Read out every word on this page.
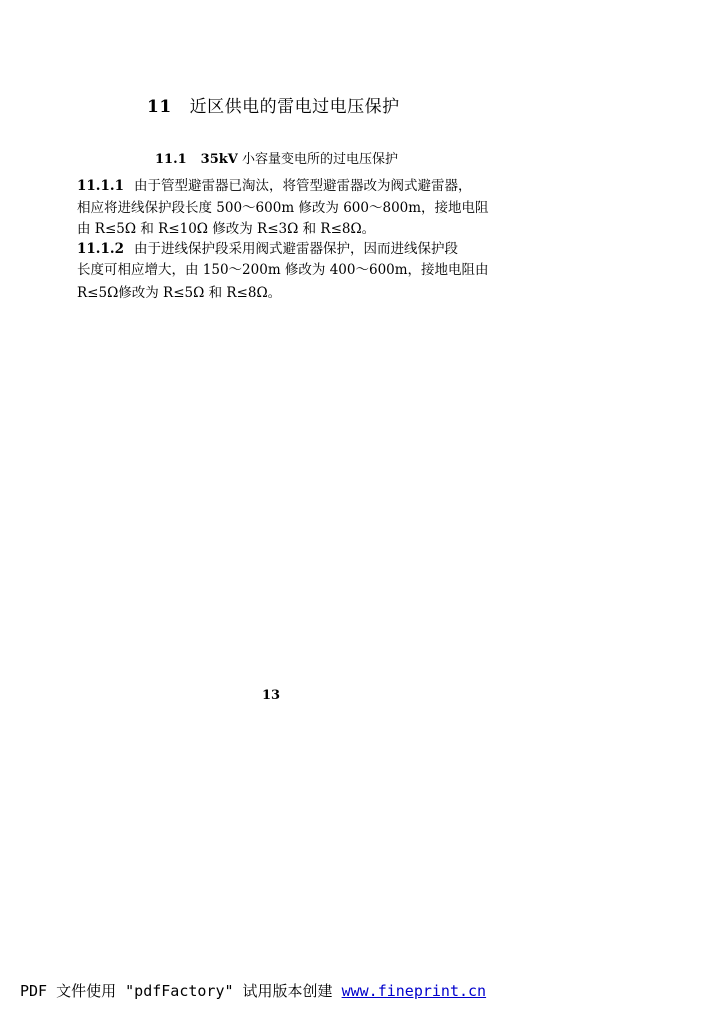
11 近区供电的雷电过电压保护
11.1 35kV 小容量变电所的过电压保护
11.1.1 由于管型避雷器已淘汰，将管型避雷器改为阀式避雷器，
相应将进线保护段长度 500～600m 修改为 600～800m，接地电阻
由 R≤5Ω 和 R≤10Ω 修改为 R≤3Ω 和 R≤8Ω。
11.1.2 由于进线保护段采用阀式避雷器保护，因而进线保护段
长度可相应增大，由 150～200m 修改为 400～600m，接地电阻由
R≤5Ω修改为 R≤5Ω 和 R≤8Ω。
13
PDF 文件使用 "pdfFactory" 试用版本创建 www.fineprint.cn
